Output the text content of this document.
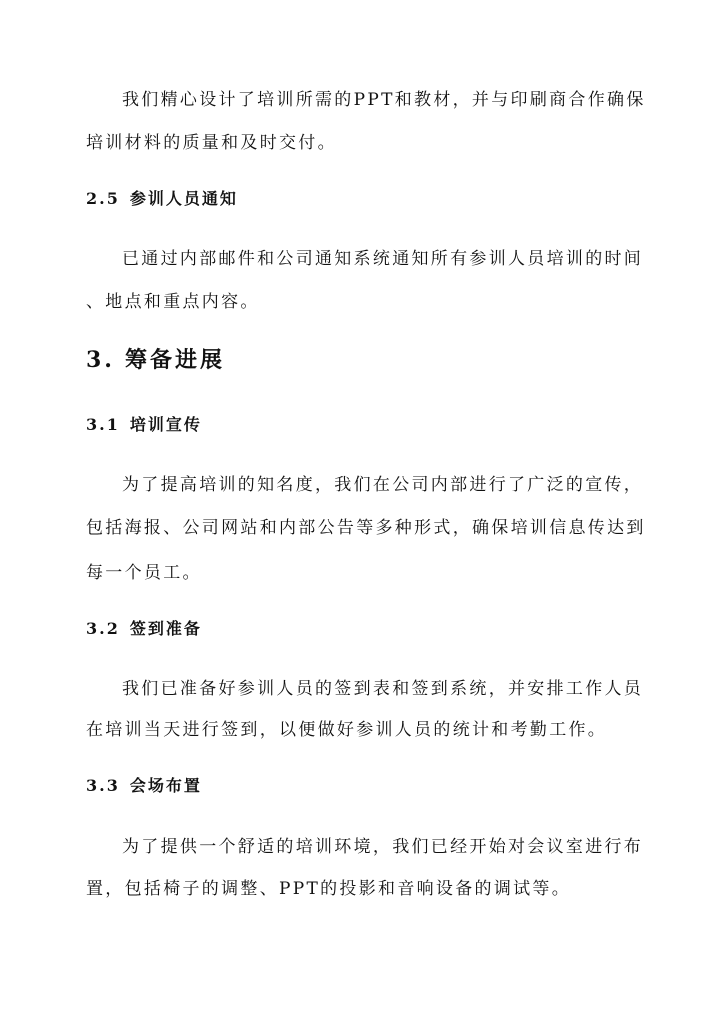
我们精心设计了培训所需的PPT和教材，并与印刷商合作确保
培训材料的质量和及时交付。
2.5 参训人员通知
已通过内部邮件和公司通知系统通知所有参训人员培训的时间
、地点和重点内容。
3. 筹备进展
3.1 培训宣传
为了提高培训的知名度，我们在公司内部进行了广泛的宣传，
包括海报、公司网站和内部公告等多种形式，确保培训信息传达到
每一个员工。
3.2 签到准备
我们已准备好参训人员的签到表和签到系统，并安排工作人员
在培训当天进行签到，以便做好参训人员的统计和考勤工作。
3.3 会场布置
为了提供一个舒适的培训环境，我们已经开始对会议室进行布
置，包括椅子的调整、PPT的投影和音响设备的调试等。
